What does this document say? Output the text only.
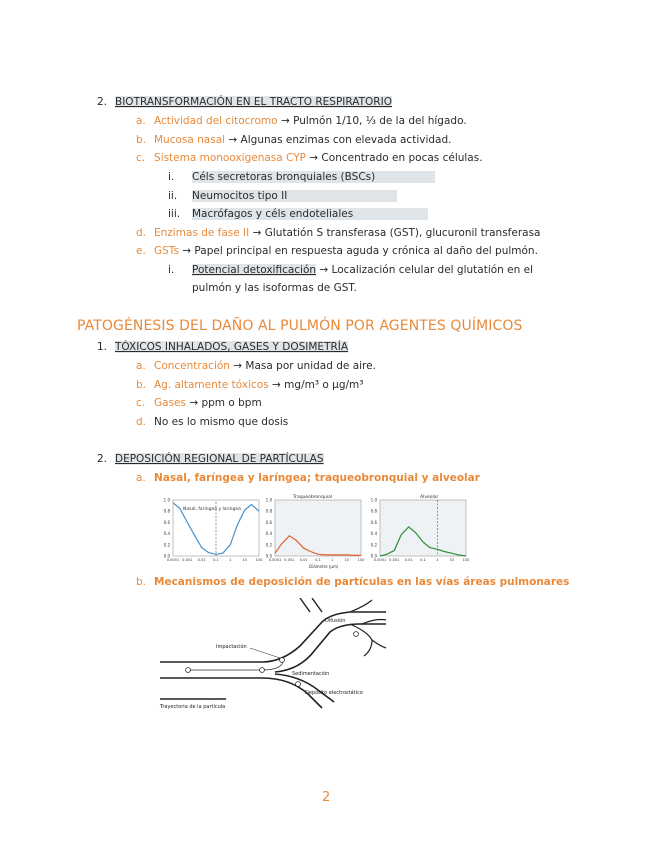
2. BIOTRANSFORMACIÓN EN EL TRACTO RESPIRATORIO
a. Actividad del citocromo → Pulmón 1/10, ⅓ de la del hígado.
b. Mucosa nasal → Algunas enzimas con elevada actividad.
c. Sistema monooxigenasa CYP → Concentrado en pocas células.
i. Céls secretoras bronquiales (BSCs)
ii. Neumocitos tipo II
iii. Macrófagos y céls endoteliales
d. Enzimas de fase II → Glutatión S transferasa (GST), glucuronil transferasa
e. GSTs → Papel principal en respuesta aguda y crónica al daño del pulmón.
i. Potencial detoxificación → Localización celular del glutatión en el
pulmón y las isoformas de GST.
PATOGÉNESIS DEL DAÑO AL PULMÓN POR AGENTES QUÍMICOS
1. TÓXICOS INHALADOS, GASES Y DOSIMETRÍA
a. Concentración → Masa por unidad de aire.
b. Ag. altamente tóxicos → mg/m³ o µg/m³
c. Gases → ppm o bpm
d. No es lo mismo que dosis
2. DEPOSICIÓN REGIONAL DE PARTÍCULAS
a. Nasal, faríngea y laríngea; traqueobronquial y alveolar
Nasal, faríngea y laríngea
1.0
0.8
0.6
0.4
0.2
0.0
0.0001 0.001 0.01 0.1	1	10 100
Traqueobronquial
1.0
0.8
0.6
0.4
0.2
0.0
0.0001 0.001 0.01 0.1	1	10 100
Diámetro (µm)
Alveolar
1.0
0.8
0.6
0.4
0.2
0.0
0.0001 0.001 0.01 0.1	1	10 100
b. Mecanismos de deposición de partículas en las vías áreas pulmonares
Impactación
Difusión
Sedimentación
Depósito electrostático
Trayectoria de la partícula
2
